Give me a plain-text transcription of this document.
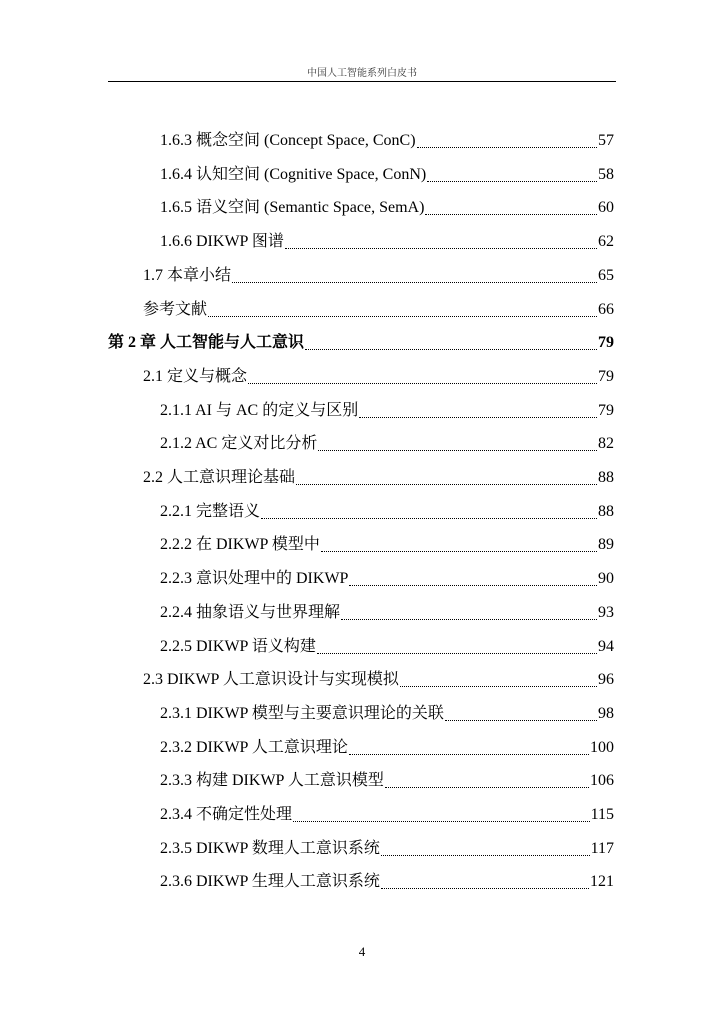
中国人工智能系列白皮书
1.6.3 概念空间 (Concept Space, ConC)	57
1.6.4 认知空间 (Cognitive Space, ConN)	58
1.6.5 语义空间 (Semantic Space, SemA)	60
1.6.6 DIKWP 图谱	62
1.7 本章小结	65
参考文献	66
第 2 章 人工智能与人工意识	79
2.1 定义与概念	79
2.1.1 AI 与 AC 的定义与区别	79
2.1.2 AC 定义对比分析	82
2.2 人工意识理论基础	88
2.2.1 完整语义	88
2.2.2 在 DIKWP 模型中	89
2.2.3 意识处理中的 DIKWP	90
2.2.4 抽象语义与世界理解	93
2.2.5 DIKWP 语义构建	94
2.3 DIKWP 人工意识设计与实现模拟	96
2.3.1 DIKWP 模型与主要意识理论的关联	98
2.3.2 DIKWP 人工意识理论	100
2.3.3 构建 DIKWP 人工意识模型	106
2.3.4 不确定性处理	115
2.3.5 DIKWP 数理人工意识系统	117
2.3.6 DIKWP 生理人工意识系统	121
4
